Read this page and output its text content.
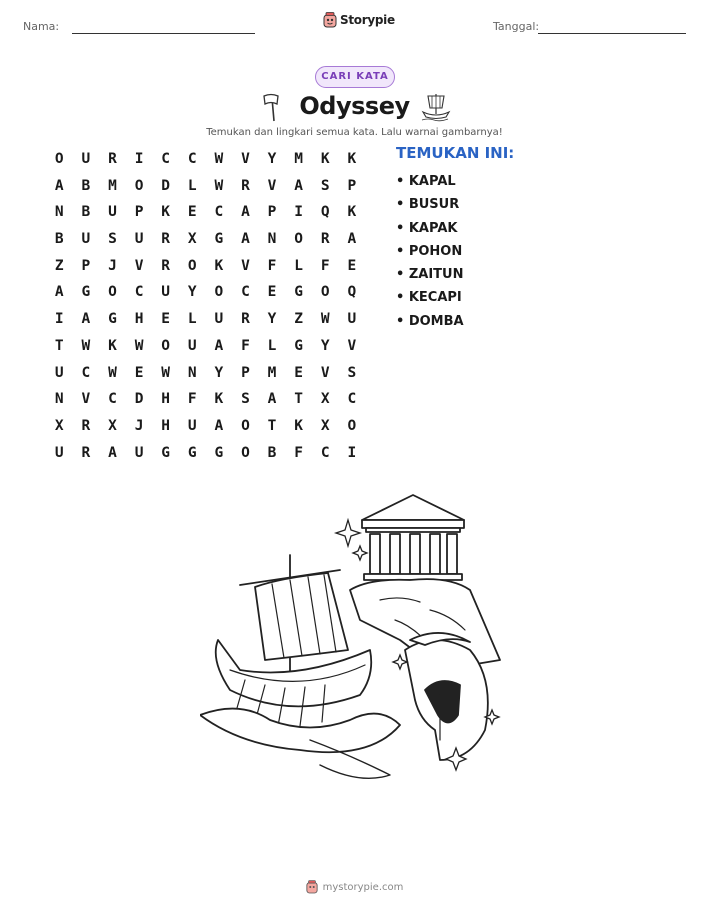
Nama:	Storypie	Tanggal:
CARI KATA
Odyssey
Temukan dan lingkari semua kata. Lalu warnai gambarnya!
O	U	R	I	C	C	W	V	Y	M	K	K
A	B	M	O	D	L	W	R	V	A	S	P
N	B	U	P	K	E	C	A	P	I	Q	K
B	U	S	U	R	X	G	A	N	O	R	A
Z	P	J	V	R	O	K	V	F	L	F	E
A	G	O	C	U	Y	O	C	E	G	O	Q
I	A	G	H	E	L	U	R	Y	Z	W	U
T	W	K	W	O	U	A	F	L	G	Y	V
U	C	W	E	W	N	Y	P	M	E	V	S
N	V	C	D	H	F	K	S	A	T	X	C
X	R	X	J	H	U	A	O	T	K	X	O
U	R	A	U	G	G	G	O	B	F	C	I
TEMUKAN INI:
• KAPAL
• BUSUR
• KAPAK
• POHON
• ZAITUN
• KECAPI
• DOMBA
mystorypie.com
